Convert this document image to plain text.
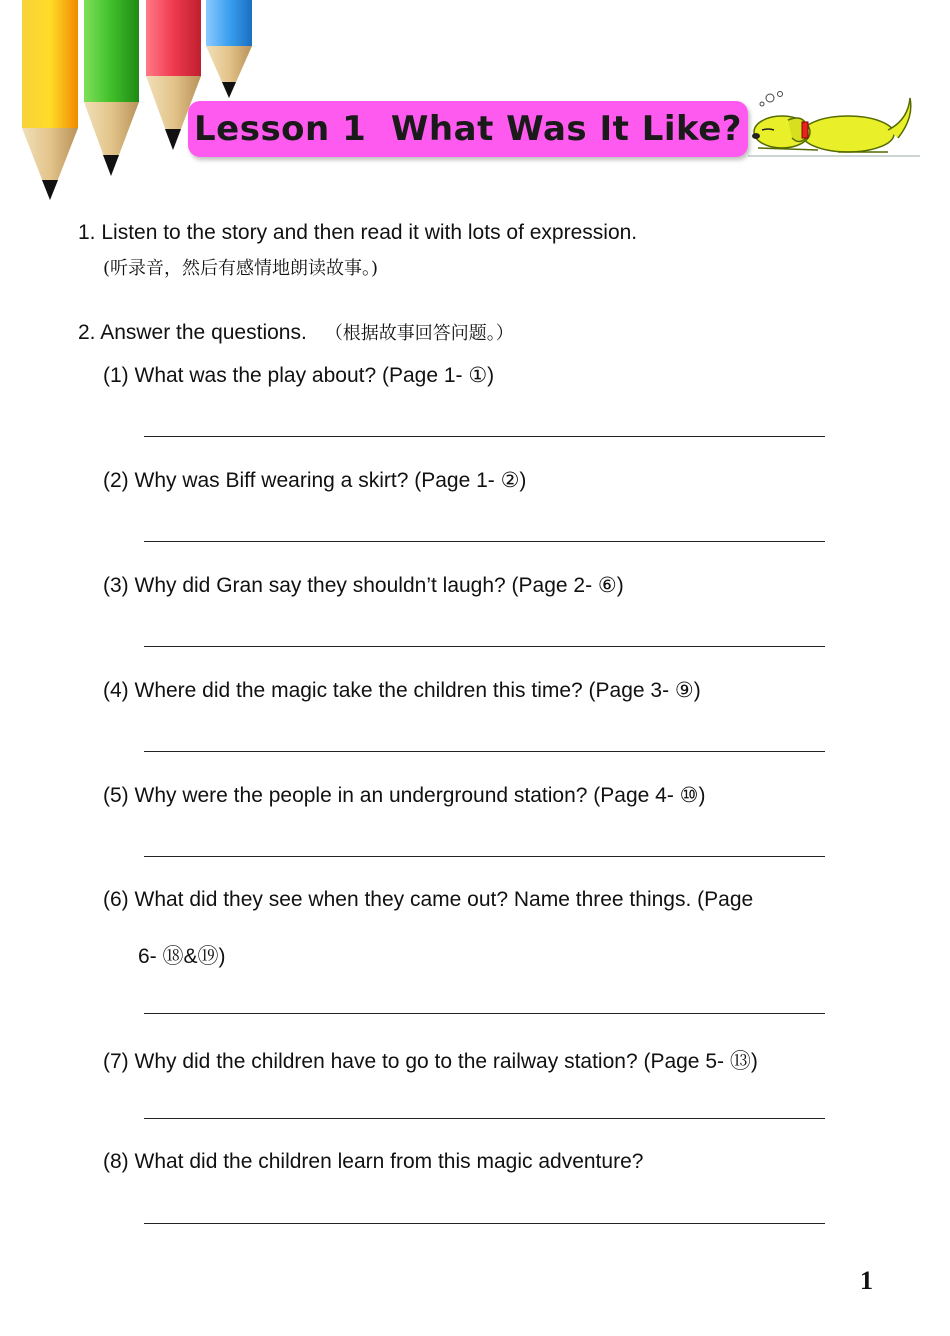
Lesson 1  What Was It Like?
1. Listen to the story and then read it with lots of expression.
(听录音，然后有感情地朗读故事。)
2. Answer the questions. （根据故事回答问题。）
(1) What was the play about? (Page 1- ①)
(2) Why was Biff wearing a skirt? (Page 1- ②)
(3) Why did Gran say they shouldn’t laugh? (Page 2- ⑥)
(4) Where did the magic take the children this time? (Page 3- ⑨)
(5) Why were the people in an underground station? (Page 4- ⑩)
(6) What did they see when they came out? Name three things. (Page
6- ⑱&⑲)
(7) Why did the children have to go to the railway station? (Page 5- ⑬)
(8) What did the children learn from this magic adventure?
1
